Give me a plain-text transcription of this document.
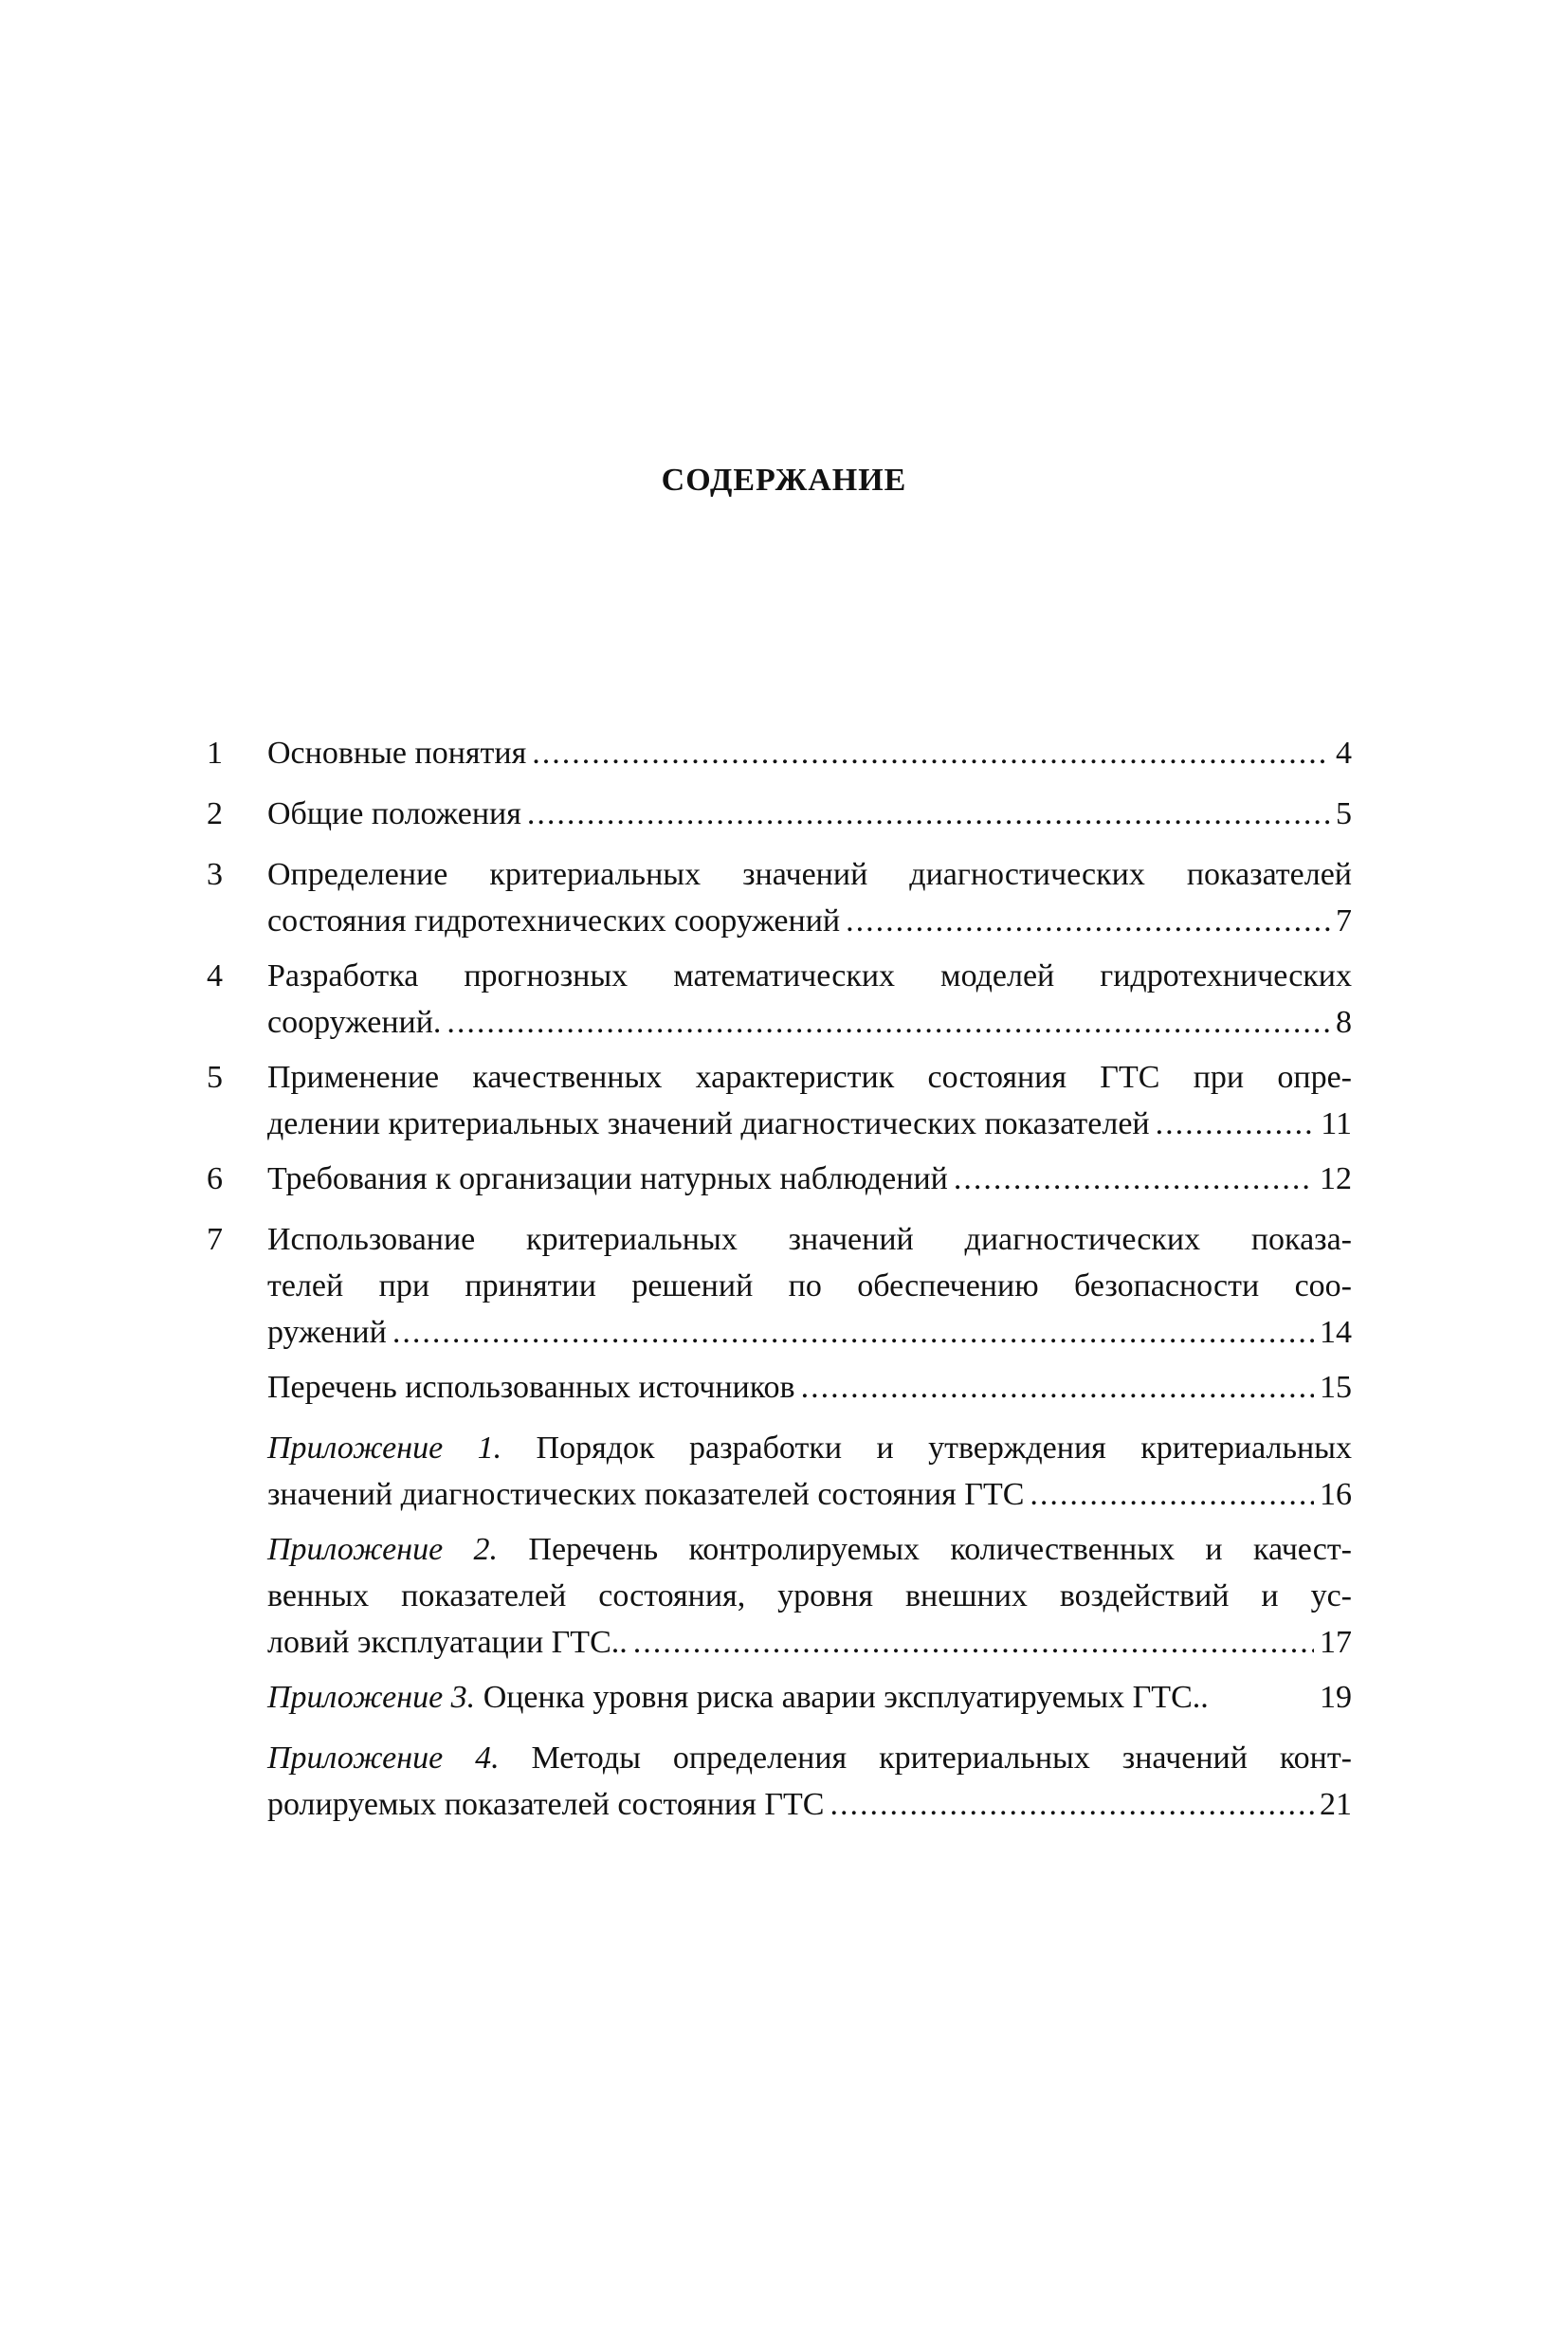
СОДЕРЖАНИЕ
1 Основные понятия .....	4
2 Общие положения .....	5
3 Определение критериальных значений диагностических показателей
состояния гидротехнических сооружений .....	7
4 Разработка прогнозных математических моделей гидротехнических
сооружений. .....	8
5 Применение качественных характеристик состояния ГТС при опре-
делении критериальных значений диагностических показателей .....	11
6 Требования к организации натурных наблюдений .....	12
7 Использование критериальных значений диагностических показа-
телей при принятии решений по обеспечению безопасности соо-
ружений .....	14
Перечень использованных источников .....	15
Приложение 1. Порядок разработки и утверждения критериальных
значений диагностических показателей состояния ГТС .....	16
Приложение 2. Перечень контролируемых количественных и качест-
венных показателей состояния, уровня внешних воздействий и ус-
ловий эксплуатации ГТС.. .....	17
Приложение 3. Оценка уровня риска аварии эксплуатируемых ГТС..	19
Приложение 4. Методы определения критериальных значений конт-
ролируемых показателей состояния ГТС .....	21
